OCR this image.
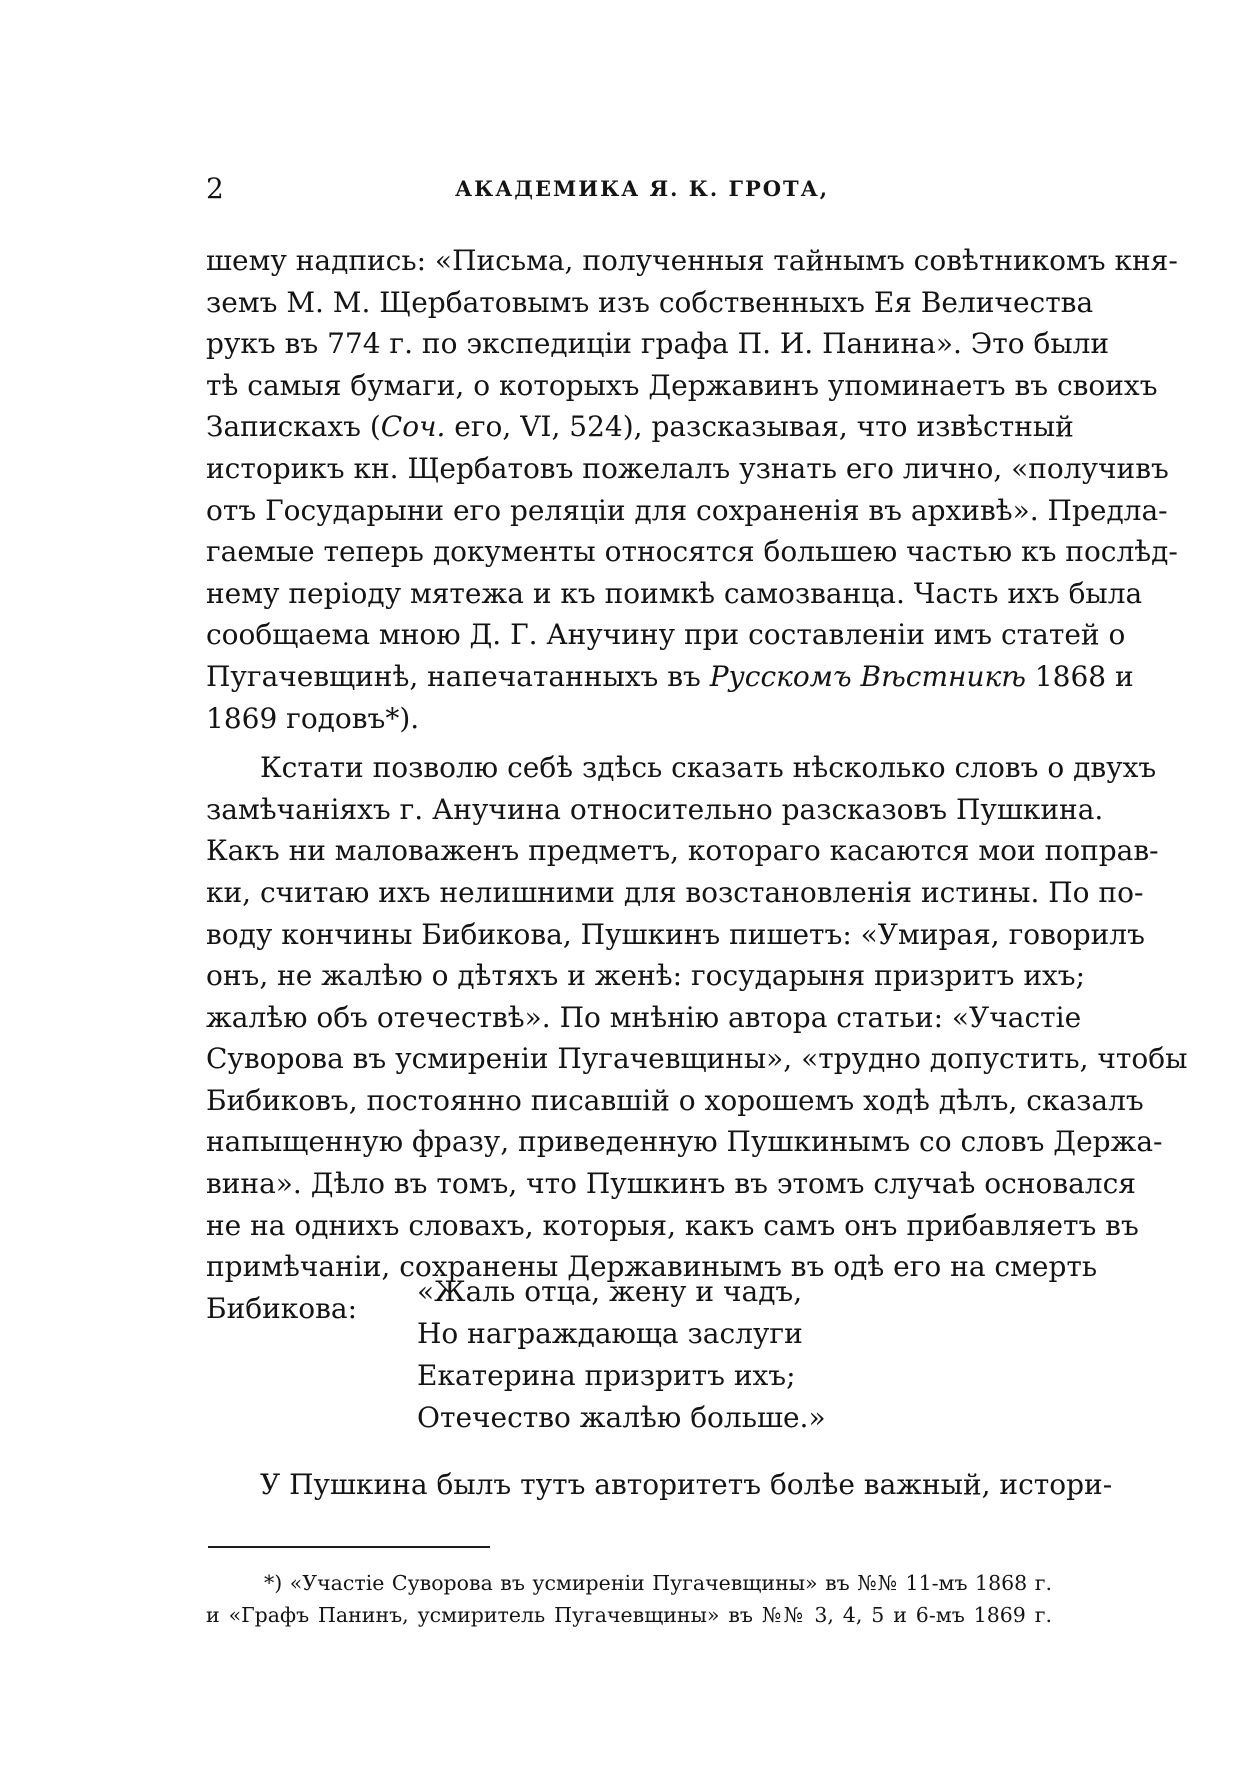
2	АКАДЕМИКА Я. К. ГРОТА,
шему надпись: «Письма, полученныя тайнымъ совѣтникомъ кня-
земъ М. М. Щербатовымъ изъ собственныхъ Ея Величества
рукъ въ 774 г. по экспедиціи графа П. И. Панина». Это были
тѣ самыя бумаги, о которыхъ Державинъ упоминаетъ въ своихъ
Запискахъ (Соч. его, VI, 524), разсказывая, что извѣстный
историкъ кн. Щербатовъ пожелалъ узнать его лично, «получивъ
отъ Государыни его реляціи для сохраненія въ архивѣ». Предла-
гаемые теперь документы относятся большею частью къ послѣд-
нему періоду мятежа и къ поимкѣ самозванца. Часть ихъ была
сообщаема мною Д. Г. Анучину при составленіи имъ статей о
Пугачевщинѣ, напечатанныхъ въ Русскомъ Вѣстникѣ 1868 и
1869 годовъ*).
Кстати позволю себѣ здѣсь сказать нѣсколько словъ о двухъ
замѣчаніяхъ г. Анучина относительно разсказовъ Пушкина.
Какъ ни маловаженъ предметъ, котораго касаются мои поправ-
ки, считаю ихъ нелишними для возстановленія истины. По по-
воду кончины Бибикова, Пушкинъ пишетъ: «Умирая, говорилъ
онъ, не жалѣю о дѣтяхъ и женѣ: государыня призритъ ихъ;
жалѣю объ отечествѣ». По мнѣнію автора статьи: «Участіе
Суворова въ усмиреніи Пугачевщины», «трудно допустить, чтобы
Бибиковъ, постоянно писавшій о хорошемъ ходѣ дѣлъ, сказалъ
напыщенную фразу, приведенную Пушкинымъ со словъ Держа-
вина». Дѣло въ томъ, что Пушкинъ въ этомъ случаѣ основался
не на однихъ словахъ, которыя, какъ самъ онъ прибавляетъ въ
примѣчаніи, сохранены Державинымъ въ одѣ его на смерть
Бибикова:
«Жаль отца, жену и чадъ,
Но награждающа заслуги
Екатерина призритъ ихъ;
Отечество жалѣю больше.»
У Пушкина былъ тутъ авторитетъ болѣе важный, истори-
*) «Участіе Суворова въ усмиреніи Пугачевщины» въ №№ 11-мъ 1868 г.
и «Графъ Панинъ, усмиритель Пугачевщины» въ №№ 3, 4, 5 и 6-мъ 1869 г.
